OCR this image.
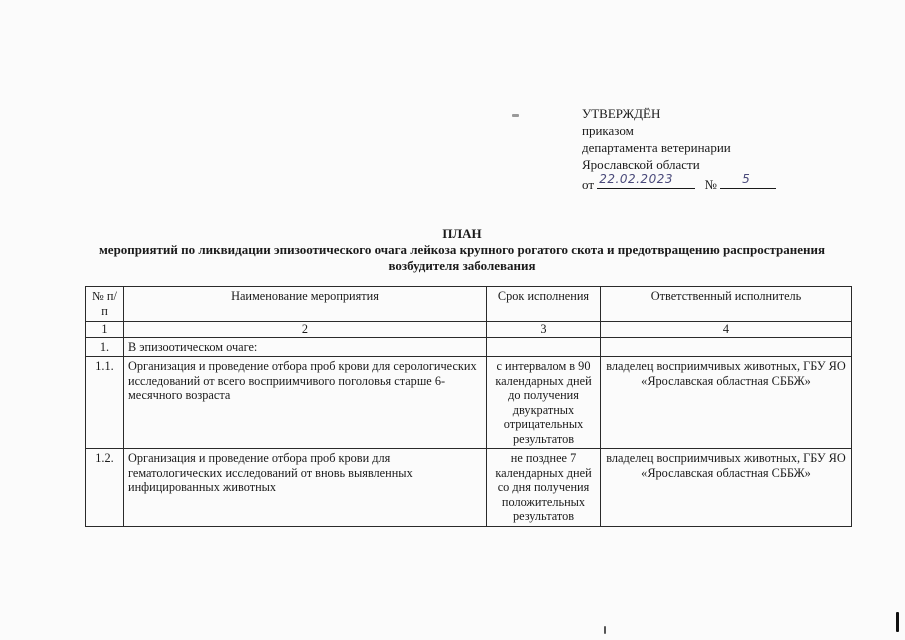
УТВЕРЖДЁН
приказом
департамента ветеринарии
Ярославской области
от 22.02.2023 № 5
ПЛАН
мероприятий по ликвидации эпизоотического очага лейкоза крупного рогатого скота и предотвращению распространения возбудителя заболевания
№ п/п	Наименование мероприятия	Срок исполнения	Ответственный исполнитель
1	2	3	4
1.	В эпизоотическом очаге:		
1.1.	Организация и проведение отбора проб крови для серологических исследований от всего восприимчивого поголовья старше 6-месячного возраста	с интервалом в 90 календарных дней до получения двукратных отрицательных результатов	владелец восприимчивых животных, ГБУ ЯО «Ярославская областная СББЖ»
1.2.	Организация и проведение отбора проб крови для гематологических исследований от вновь выявленных инфицированных животных	не позднее 7 календарных дней со дня получения положительных результатов	владелец восприимчивых животных, ГБУ ЯО «Ярославская областная СББЖ»
